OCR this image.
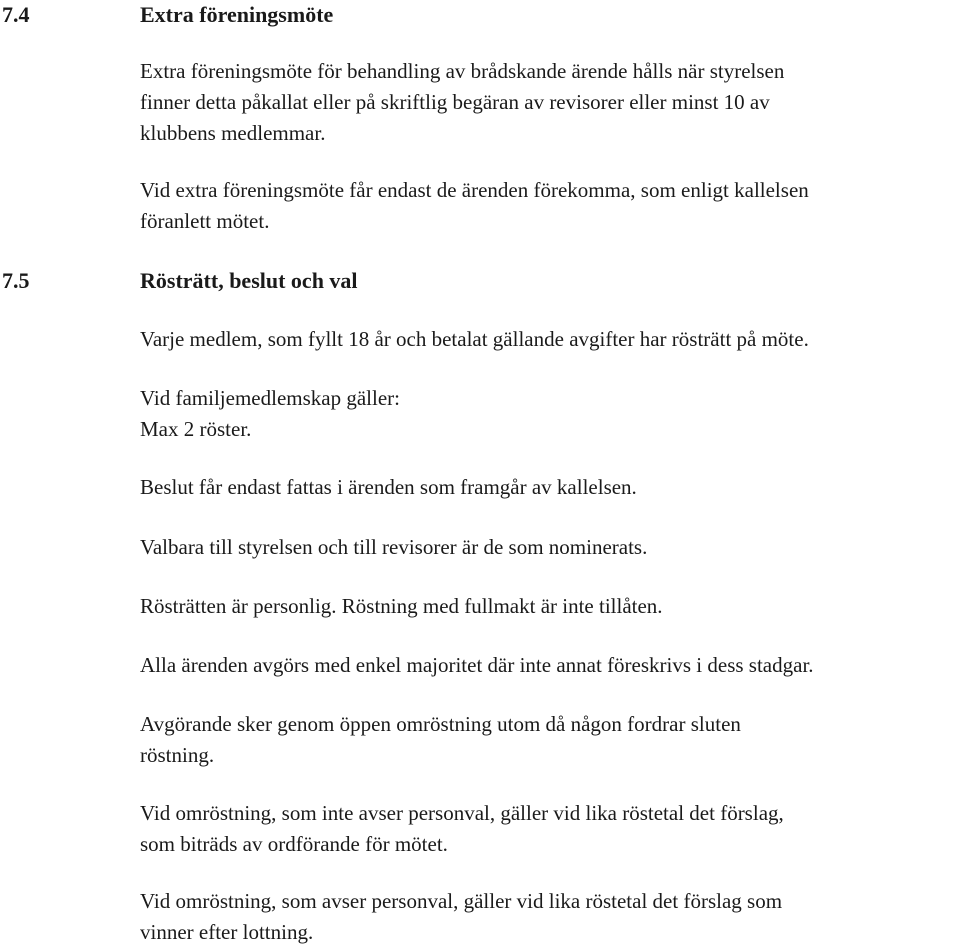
7.4	Extra föreningsmöte
Extra föreningsmöte för behandling av brådskande ärende hålls när styrelsen
finner detta påkallat eller på skriftlig begäran av revisorer eller minst 10 av
klubbens medlemmar.
Vid extra föreningsmöte får endast de ärenden förekomma, som enligt kallelsen
föranlett mötet.
7.5	Rösträtt, beslut och val
Varje medlem, som fyllt 18 år och betalat gällande avgifter har rösträtt på möte.
Vid familjemedlemskap gäller:
Max 2 röster.
Beslut får endast fattas i ärenden som framgår av kallelsen.
Valbara till styrelsen och till revisorer är de som nominerats.
Rösträtten är personlig. Röstning med fullmakt är inte tillåten.
Alla ärenden avgörs med enkel majoritet där inte annat föreskrivs i dess stadgar.
Avgörande sker genom öppen omröstning utom då någon fordrar sluten
röstning.
Vid omröstning, som inte avser personval, gäller vid lika röstetal det förslag,
som biträds av ordförande för mötet.
Vid omröstning, som avser personval, gäller vid lika röstetal det förslag som
vinner efter lottning.
